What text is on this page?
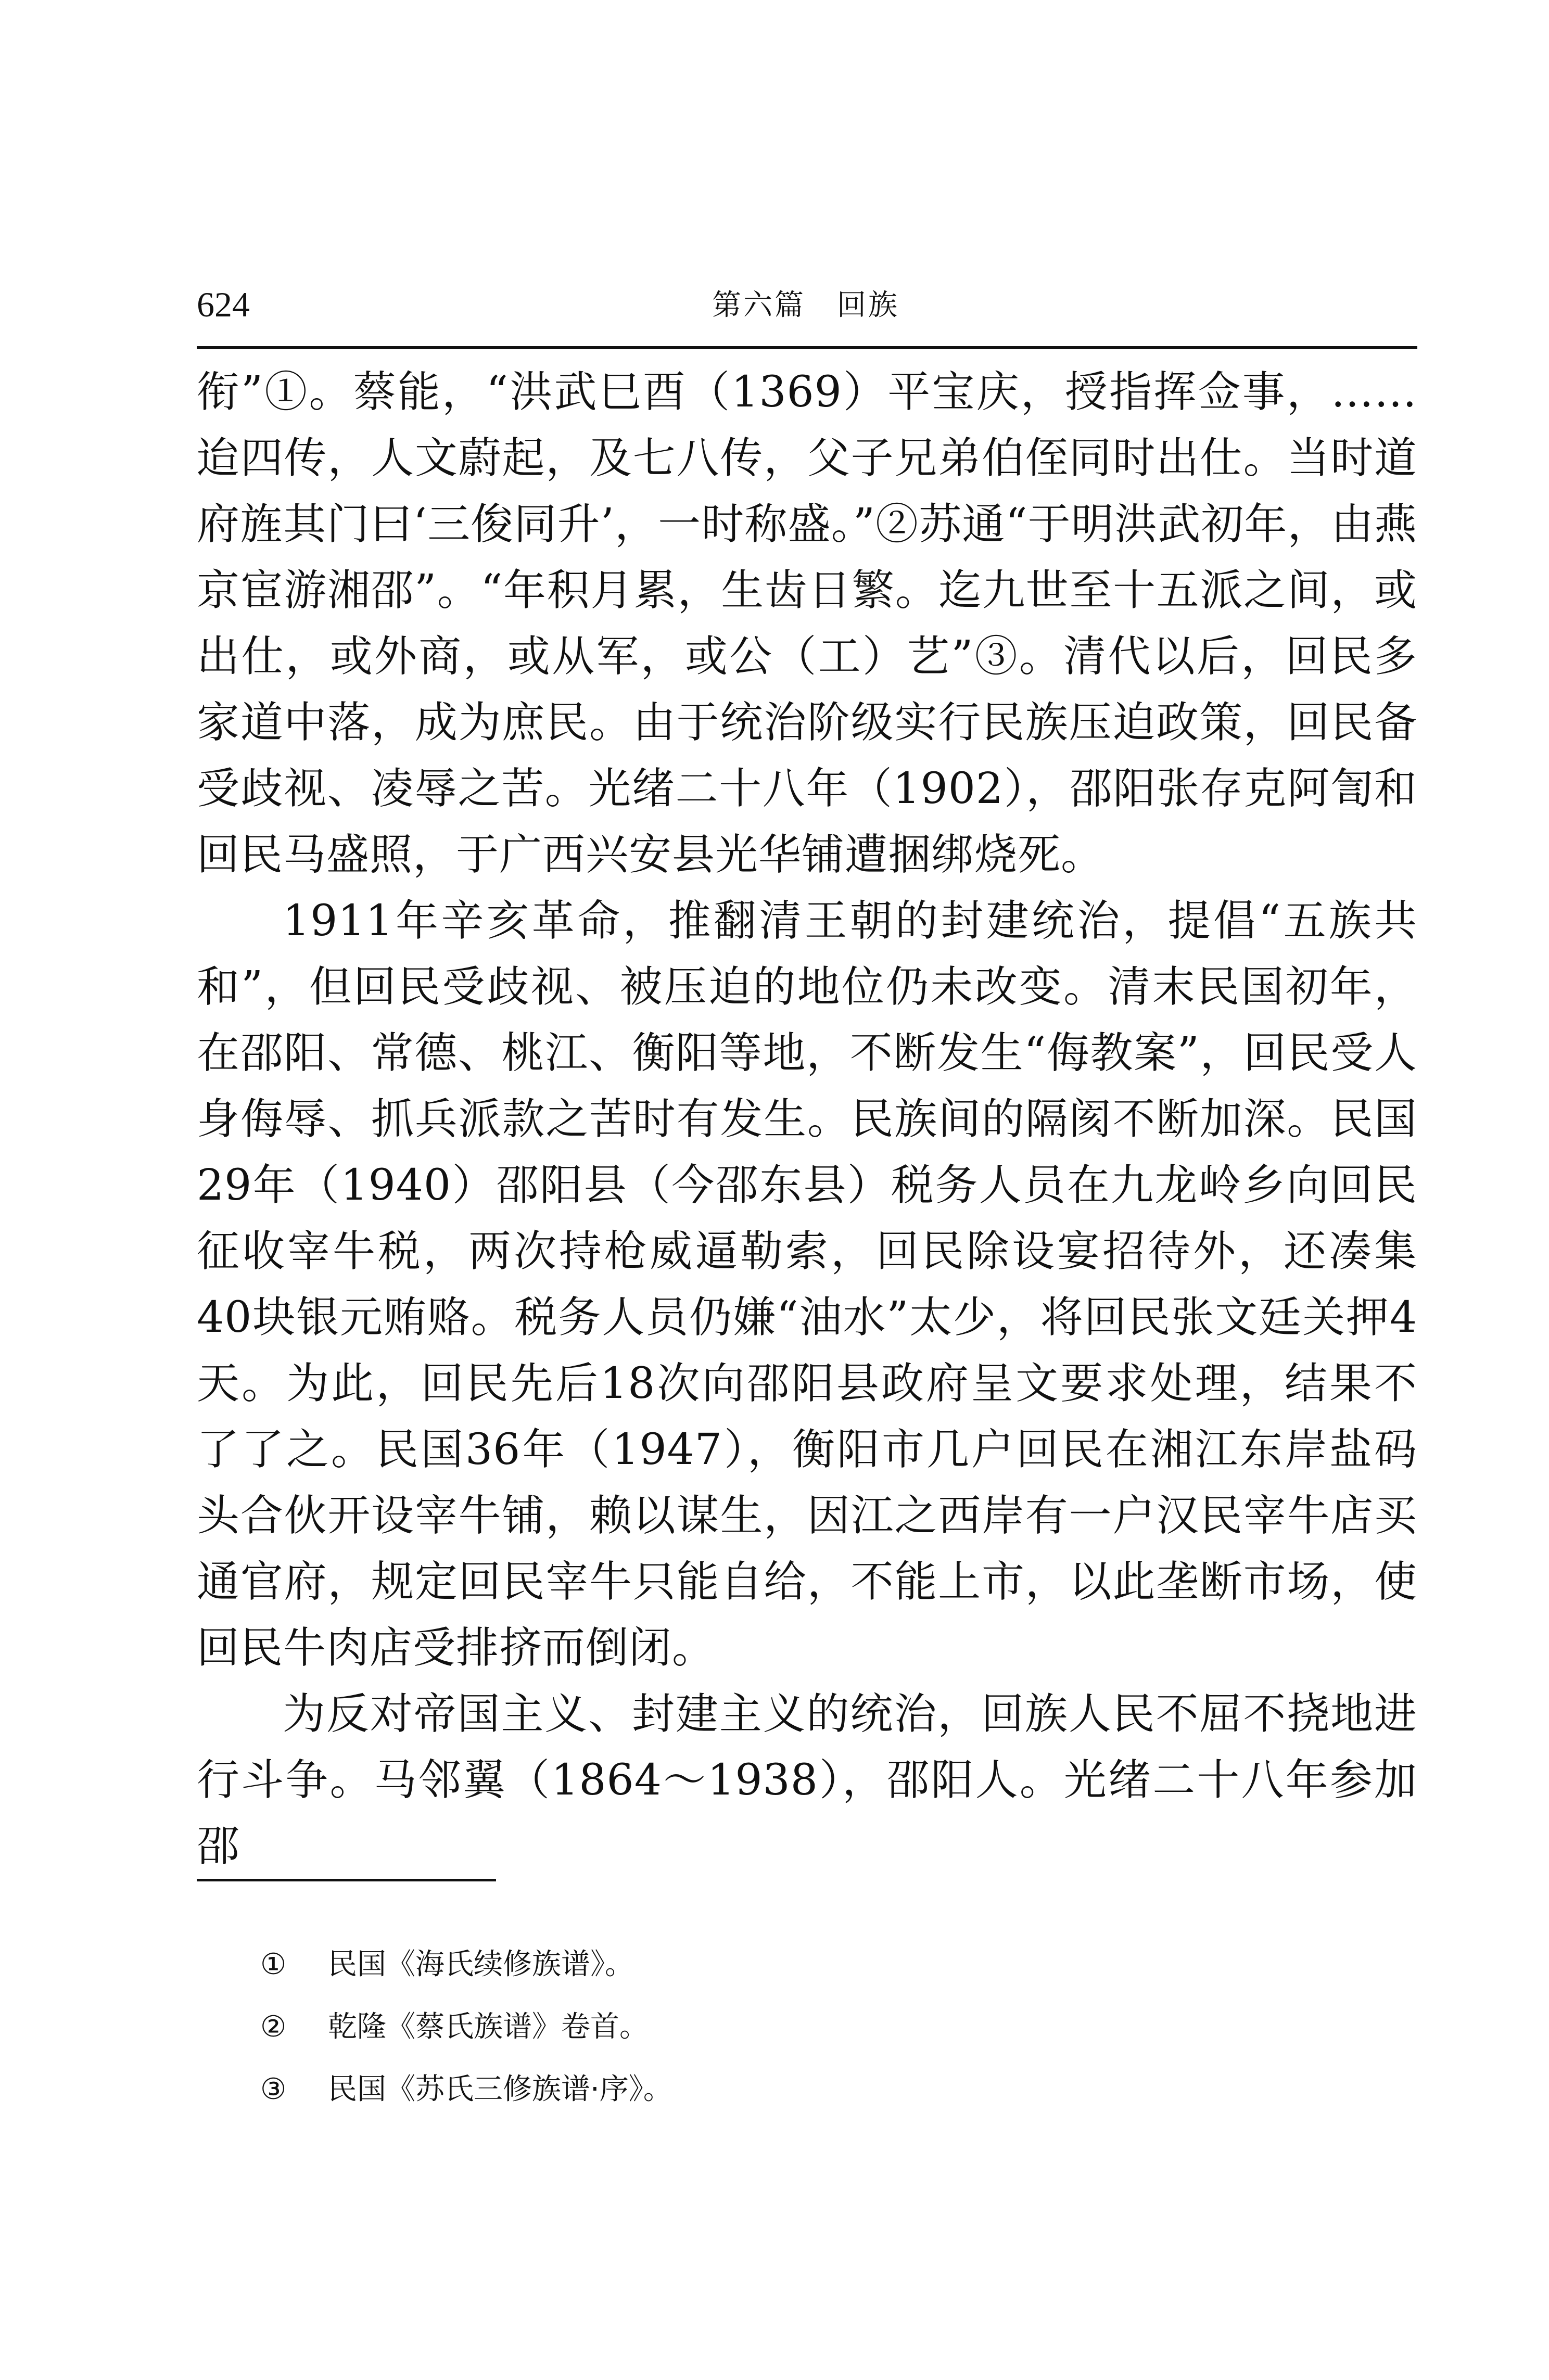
624	第六篇　回族

衔”①。蔡能，“洪武巳酉（1369）平宝庆，授指挥佥事，……迨四传，人文蔚起，及七八传，父子兄弟伯侄同时出仕。当时道府旌其门曰‘三俊同升’，一时称盛。”②苏通“于明洪武初年，由燕京宦游湘邵”。“年积月累，生齿日繁。迄九世至十五派之间，或出仕，或外商，或从军，或公（工）艺”③。清代以后，回民多家道中落，成为庶民。由于统治阶级实行民族压迫政策，回民备受歧视、凌辱之苦。光绪二十八年（1902），邵阳张存克阿訇和回民马盛照，于广西兴安县光华铺遭捆绑烧死。

1911年辛亥革命，推翻清王朝的封建统治，提倡“五族共和”，但回民受歧视、被压迫的地位仍未改变。清末民国初年，在邵阳、常德、桃江、衡阳等地，不断发生“侮教案”，回民受人身侮辱、抓兵派款之苦时有发生。民族间的隔阂不断加深。民国29年（1940）邵阳县（今邵东县）税务人员在九龙岭乡向回民征收宰牛税，两次持枪威逼勒索，回民除设宴招待外，还凑集40块银元贿赂。税务人员仍嫌“油水”太少，将回民张文廷关押4天。为此，回民先后18次向邵阳县政府呈文要求处理，结果不了了之。民国36年（1947），衡阳市几户回民在湘江东岸盐码头合伙开设宰牛铺，赖以谋生，因江之西岸有一户汉民宰牛店买通官府，规定回民宰牛只能自给，不能上市，以此垄断市场，使回民牛肉店受排挤而倒闭。

为反对帝国主义、封建主义的统治，回族人民不屈不挠地进行斗争。马邻翼（1864～1938），邵阳人。光绪二十八年参加邵

①	民国《海氏续修族谱》。
②	乾隆《蔡氏族谱》卷首。
③	民国《苏氏三修族谱·序》。
